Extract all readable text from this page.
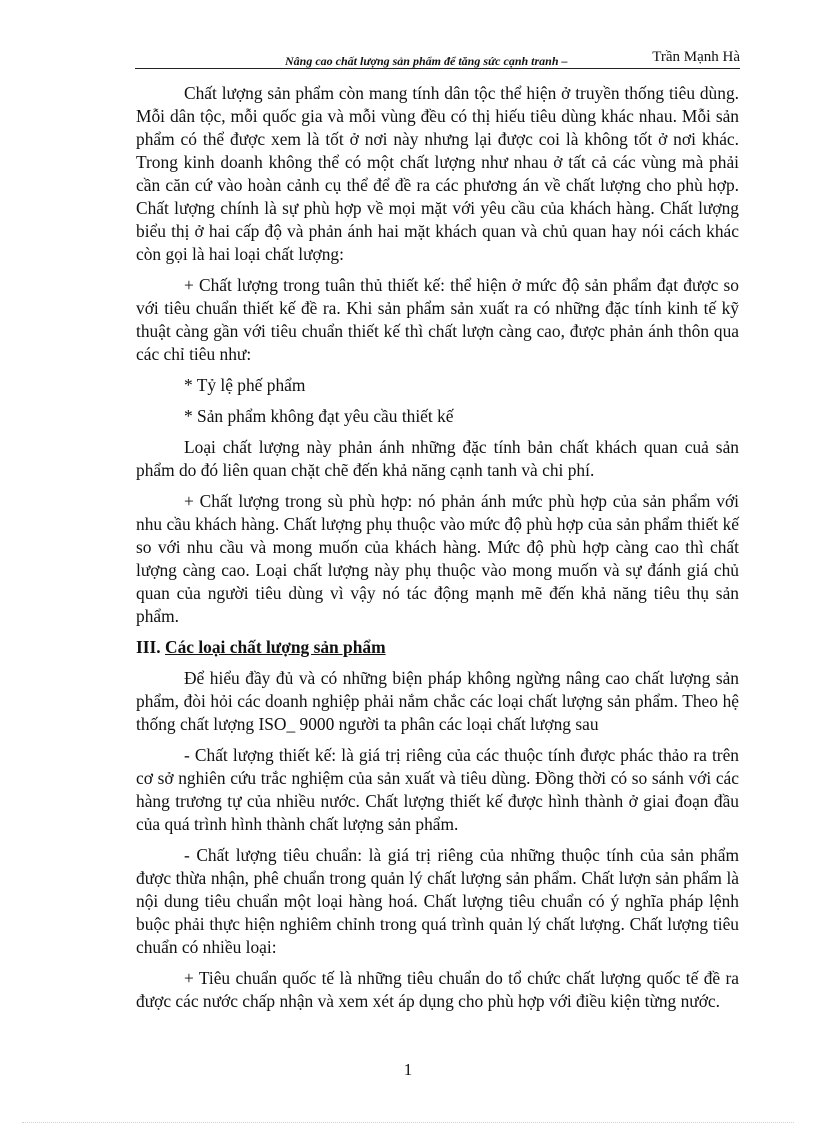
Nâng cao chất lượng sản phẩm để tăng sức cạnh tranh –	Trần Mạnh Hà

Chất lượng sản phẩm còn mang tính dân tộc thể hiện ở truyền thống tiêu dùng. Mỗi dân tộc, mỗi quốc gia và mỗi vùng đều có thị hiếu tiêu dùng khác nhau. Mỗi sản phẩm có thể được xem là tốt ở nơi này nhưng lại được coi là không tốt ở nơi khác. Trong kinh doanh không thể có một chất lượng như nhau ở tất cả các vùng mà phải cần căn cứ vào hoàn cảnh cụ thể để đề ra các phương án về chất lượng cho phù hợp. Chất lượng chính là sự phù hợp về mọi mặt với yêu cầu của khách hàng. Chất lượng biểu thị ở hai cấp độ và phản ánh hai mặt khách quan và chủ quan hay nói cách khác còn gọi là hai loại chất lượng:

+ Chất lượng trong tuân thủ thiết kế: thể hiện ở mức độ sản phẩm đạt được so với tiêu chuẩn thiết kế đề ra. Khi sản phẩm sản xuất ra có những đặc tính kinh tế kỹ thuật càng gần với tiêu chuẩn thiết kế thì chất lượn càng cao, được phản ánh thôn qua các chỉ tiêu như:

* Tỷ lệ phế phẩm

* Sản phẩm không đạt yêu cầu thiết kế

Loại chất lượng này phản ánh những đặc tính bản chất khách quan cuả sản phẩm do đó liên quan chặt chẽ đến khả năng cạnh tanh và chi phí.

+ Chất lượng trong sù phù hợp: nó phản ánh mức phù hợp của sản phẩm với nhu cầu khách hàng. Chất lượng phụ thuộc vào mức độ phù hợp của sản phẩm thiết kế so với nhu cầu và mong muốn của khách hàng. Mức độ phù hợp càng cao thì chất lượng càng cao. Loại chất lượng này phụ thuộc vào mong muốn và sự đánh giá chủ quan của người tiêu dùng vì vậy nó tác động mạnh mẽ đến khả năng tiêu thụ sản phẩm.

III. Các loại chất lượng sản phẩm

Để hiểu đầy đủ và có những biện pháp không ngừng nâng cao chất lượng sản phẩm, đòi hỏi các doanh nghiệp phải nắm chắc các loại chất lượng sản phẩm. Theo hệ thống chất lượng ISO_ 9000 người ta phân các loại chất lượng sau

- Chất lượng thiết kế: là giá trị riêng của các thuộc tính được phác thảo ra trên cơ sở nghiên cứu trắc nghiệm của sản xuất và tiêu dùng. Đồng thời có so sánh với các hàng trương tự của nhiều nước. Chất lượng thiết kế được hình thành ở giai đoạn đầu của quá trình hình thành chất lượng sản phẩm.

- Chất lượng tiêu chuẩn: là giá trị riêng của những thuộc tính của sản phẩm được thừa nhận, phê chuẩn trong quản lý chất lượng sản phẩm. Chất lượn sản phẩm là nội dung tiêu chuẩn một loại hàng hoá. Chất lượng tiêu chuẩn có ý nghĩa pháp lệnh buộc phải thực hiện nghiêm chỉnh trong quá trình quản lý chất lượng. Chất lượng tiêu chuẩn có nhiều loại:

+ Tiêu chuẩn quốc tế là những tiêu chuẩn do tổ chức chất lượng quốc tế đề ra được các nước chấp nhận và xem xét áp dụng cho phù hợp với điều kiện từng nước.

1
